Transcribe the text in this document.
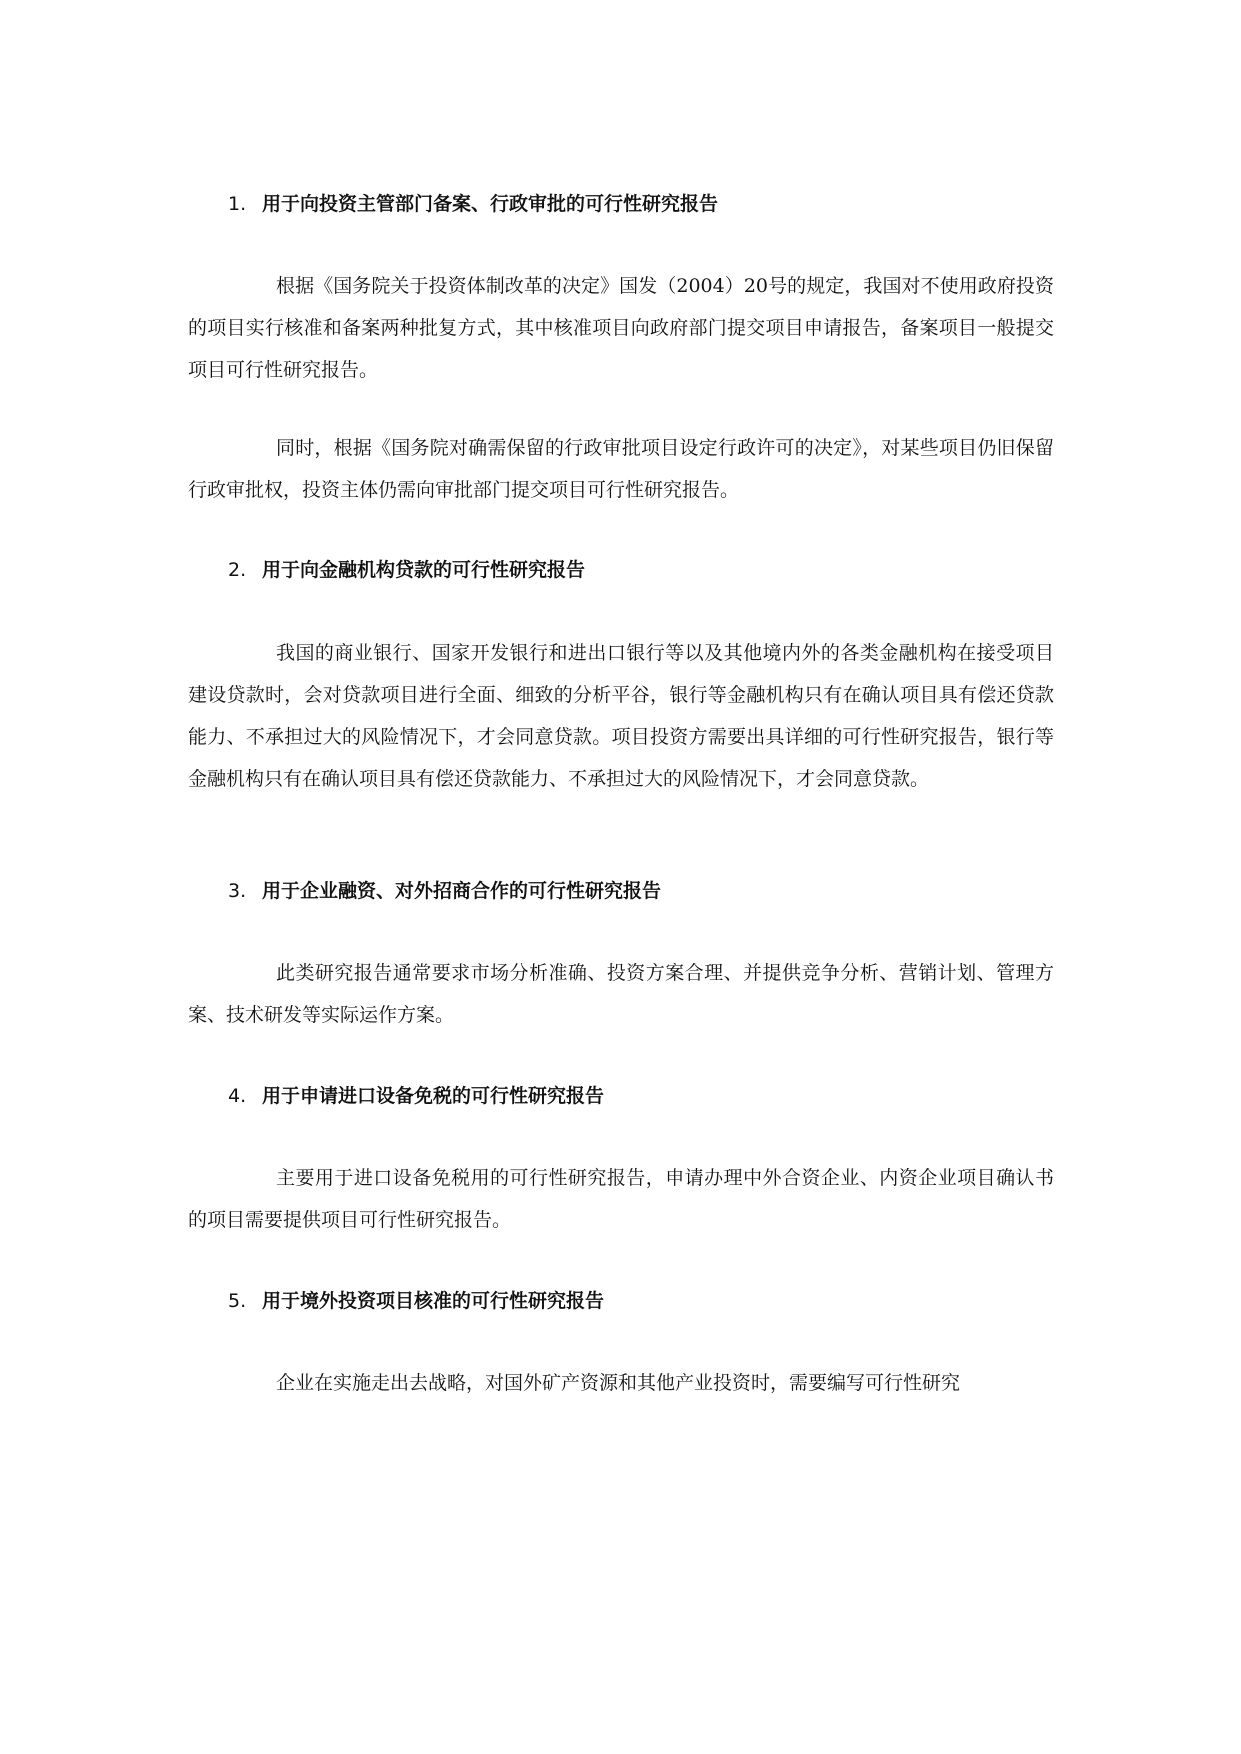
1. 用于向投资主管部门备案、行政审批的可行性研究报告

根据《国务院关于投资体制改革的决定》国发（2004）20号的规定，我国对不使用政府投资的项目实行核准和备案两种批复方式，其中核准项目向政府部门提交项目申请报告，备案项目一般提交项目可行性研究报告。

同时，根据《国务院对确需保留的行政审批项目设定行政许可的决定》，对某些项目仍旧保留行政审批权，投资主体仍需向审批部门提交项目可行性研究报告。

2. 用于向金融机构贷款的可行性研究报告

我国的商业银行、国家开发银行和进出口银行等以及其他境内外的各类金融机构在接受项目建设贷款时，会对贷款项目进行全面、细致的分析平谷，银行等金融机构只有在确认项目具有偿还贷款能力、不承担过大的风险情况下，才会同意贷款。项目投资方需要出具详细的可行性研究报告，银行等金融机构只有在确认项目具有偿还贷款能力、不承担过大的风险情况下，才会同意贷款。

3. 用于企业融资、对外招商合作的可行性研究报告

此类研究报告通常要求市场分析准确、投资方案合理、并提供竞争分析、营销计划、管理方案、技术研发等实际运作方案。

4. 用于申请进口设备免税的可行性研究报告

主要用于进口设备免税用的可行性研究报告，申请办理中外合资企业、内资企业项目确认书的项目需要提供项目可行性研究报告。

5. 用于境外投资项目核准的可行性研究报告

企业在实施走出去战略，对国外矿产资源和其他产业投资时，需要编写可行性研究
